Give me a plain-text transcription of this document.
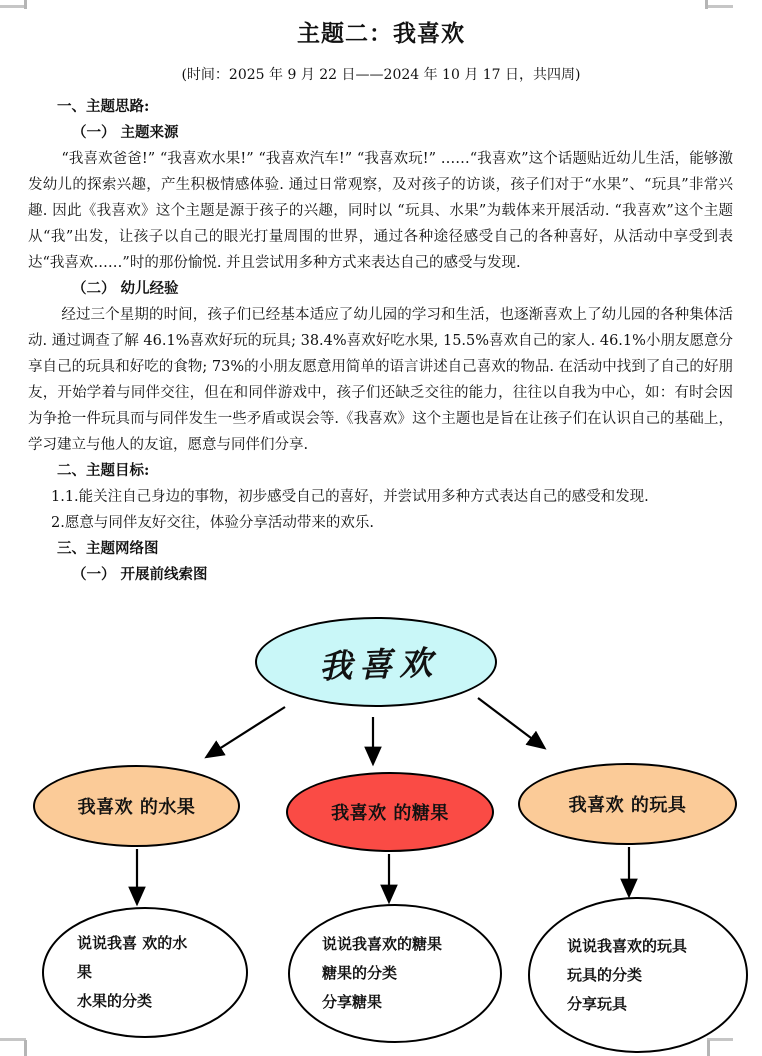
主题二：我喜欢
(时间：2025 年 9 月 22 日——2024 年 10 月 17 日，共四周)
一、主题思路:
（一） 主题来源
“我喜欢爸爸!” “我喜欢水果!” “我喜欢汽车!” “我喜欢玩!” ……“我喜欢”这个话题贴近幼儿生活，能够激发幼儿的探索兴趣，产生积极情感体验. 通过日常观察，及对孩子的访谈，孩子们对于“水果”、“玩具”非常兴趣. 因此《我喜欢》这个主题是源于孩子的兴趣，同时以 “玩具、水果”为载体来开展活动. “我喜欢”这个主题从“我”出发，让孩子以自己的眼光打量周围的世界，通过各种途径感受自己的各种喜好，从活动中享受到表达“我喜欢……”时的那份愉悦. 并且尝试用多种方式来表达自己的感受与发现.
（二） 幼儿经验
经过三个星期的时间，孩子们已经基本适应了幼儿园的学习和生活，也逐渐喜欢上了幼儿园的各种集体活动. 通过调查了解 46.1%喜欢好玩的玩具; 38.4%喜欢好吃水果, 15.5%喜欢自己的家人. 46.1%小朋友愿意分享自己的玩具和好吃的食物; 73%的小朋友愿意用简单的语言讲述自己喜欢的物品. 在活动中找到了自己的好朋友，开始学着与同伴交往，但在和同伴游戏中，孩子们还缺乏交往的能力，往往以自我为中心，如：有时会因为争抢一件玩具而与同伴发生一些矛盾或误会等.《我喜欢》这个主题也是旨在让孩子们在认识自己的基础上，学习建立与他人的友谊，愿意与同伴们分享.
二、主题目标:
1.1.能关注自己身边的事物，初步感受自己的喜好，并尝试用多种方式表达自己的感受和发现.
2.愿意与同伴友好交往，体验分享活动带来的欢乐.
三、主题网络图
（一） 开展前线索图
我喜欢
我喜欢 的水果	我喜欢 的糖果	我喜欢 的玩具
说说我喜 欢的水
果
水果的分类
说说我喜欢的糖果
糖果的分类
分享糖果
说说我喜欢的玩具
玩具的分类
分享玩具
